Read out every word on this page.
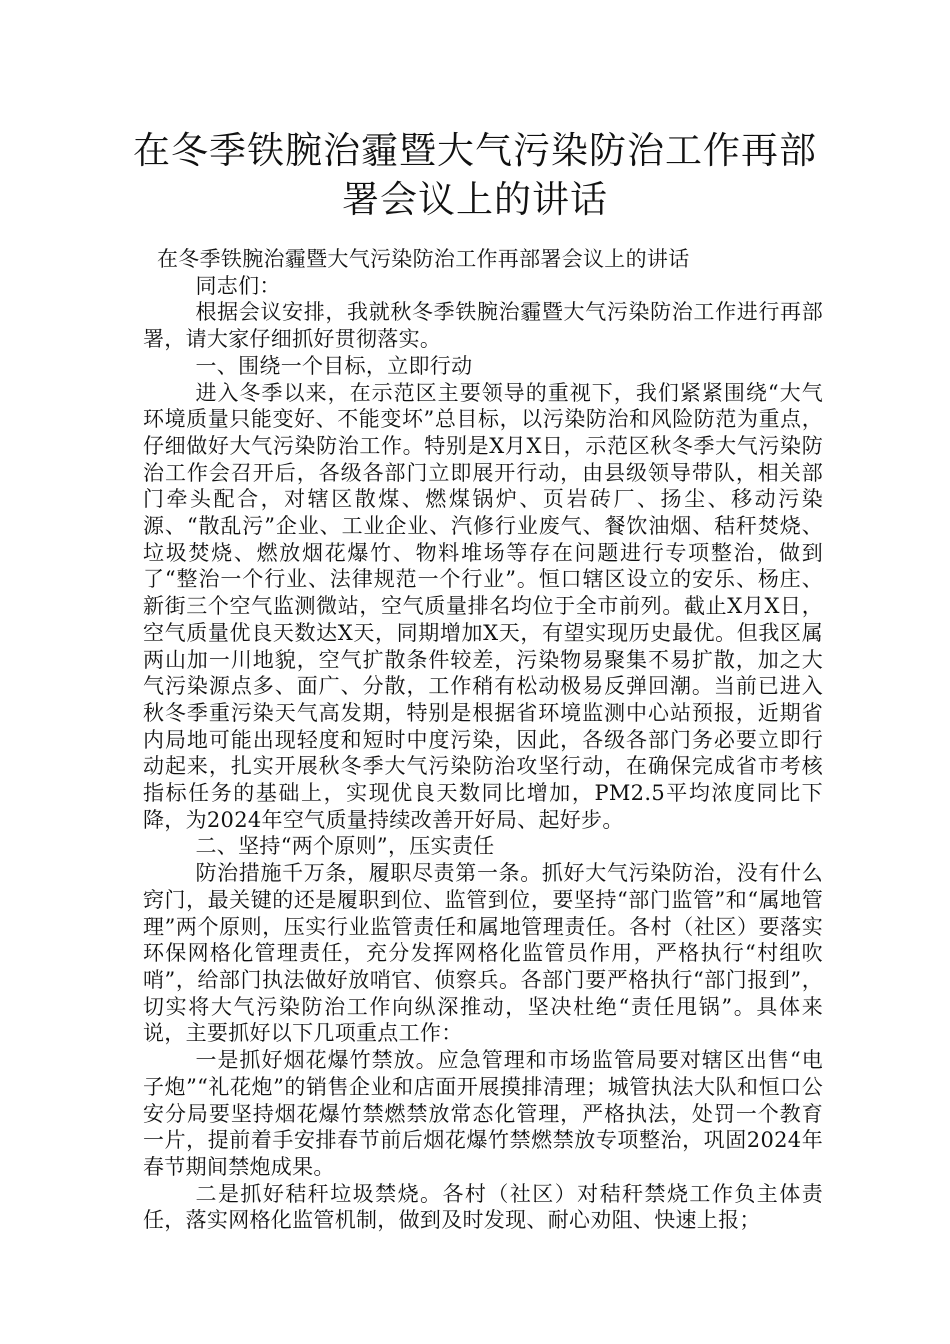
在冬季铁腕治霾暨大气污染防治工作再部署会议上的讲话

在冬季铁腕治霾暨大气污染防治工作再部署会议上的讲话

同志们：

根据会议安排，我就秋冬季铁腕治霾暨大气污染防治工作进行再部署，请大家仔细抓好贯彻落实。

一、围绕一个目标，立即行动

进入冬季以来，在示范区主要领导的重视下，我们紧紧围绕“大气环境质量只能变好、不能变坏”总目标，以污染防治和风险防范为重点，仔细做好大气污染防治工作。特别是X月X日，示范区秋冬季大气污染防治工作会召开后，各级各部门立即展开行动，由县级领导带队，相关部门牵头配合，对辖区散煤、燃煤锅炉、页岩砖厂、扬尘、移动污染源、“散乱污”企业、工业企业、汽修行业废气、餐饮油烟、秸秆焚烧、垃圾焚烧、燃放烟花爆竹、物料堆场等存在问题进行专项整治，做到了“整治一个行业、法律规范一个行业”。恒口辖区设立的安乐、杨庄、新街三个空气监测微站，空气质量排名均位于全市前列。截止X月X日，空气质量优良天数达X天，同期增加X天，有望实现历史最优。但我区属两山加一川地貌，空气扩散条件较差，污染物易聚集不易扩散，加之大气污染源点多、面广、分散，工作稍有松动极易反弹回潮。当前已进入秋冬季重污染天气高发期，特别是根据省环境监测中心站预报，近期省内局地可能出现轻度和短时中度污染，因此，各级各部门务必要立即行动起来，扎实开展秋冬季大气污染防治攻坚行动，在确保完成省市考核指标任务的基础上，实现优良天数同比增加，PM2.5平均浓度同比下降，为2024年空气质量持续改善开好局、起好步。

二、坚持“两个原则”，压实责任

防治措施千万条，履职尽责第一条。抓好大气污染防治，没有什么窍门，最关键的还是履职到位、监管到位，要坚持“部门监管”和“属地管理”两个原则，压实行业监管责任和属地管理责任。各村（社区）要落实环保网格化管理责任，充分发挥网格化监管员作用，严格执行“村组吹哨”，给部门执法做好放哨官、侦察兵。各部门要严格执行“部门报到”，切实将大气污染防治工作向纵深推动，坚决杜绝“责任甩锅”。具体来说，主要抓好以下几项重点工作：

一是抓好烟花爆竹禁放。应急管理和市场监管局要对辖区出售“电子炮”“礼花炮”的销售企业和店面开展摸排清理；城管执法大队和恒口公安分局要坚持烟花爆竹禁燃禁放常态化管理，严格执法，处罚一个教育一片，提前着手安排春节前后烟花爆竹禁燃禁放专项整治，巩固2024年春节期间禁炮成果。

二是抓好秸秆垃圾禁烧。各村（社区）对秸秆禁烧工作负主体责任，落实网格化监管机制，做到及时发现、耐心劝阻、快速上报；
